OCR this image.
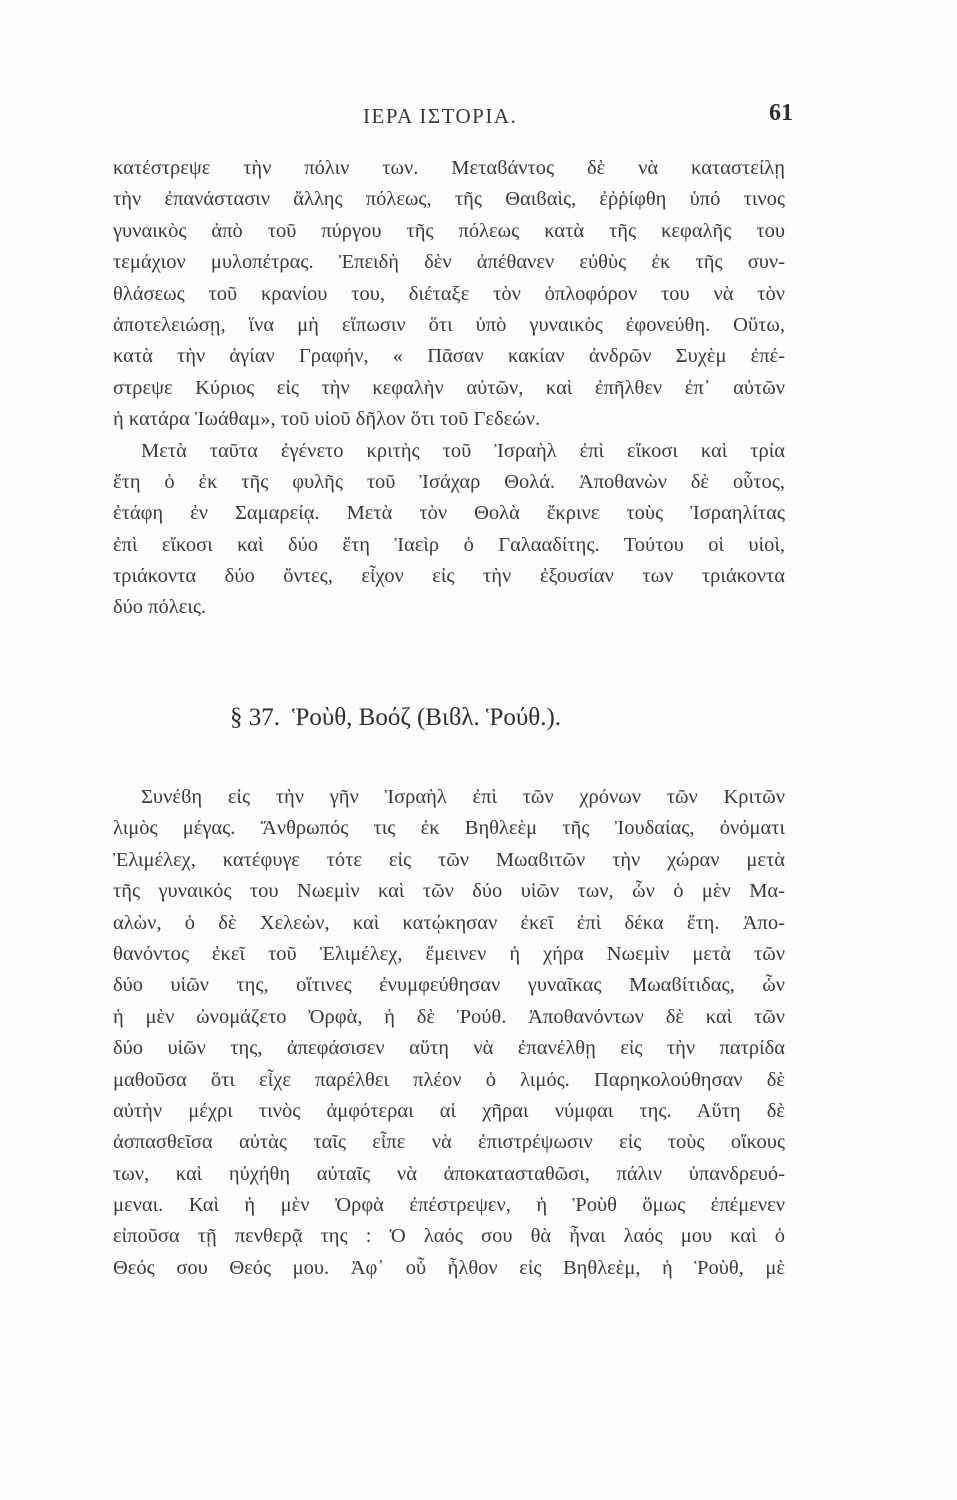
ΙΕΡΑ ΙΣΤΟΡΙΑ.	61
κατέστρεψε τὴν πόλιν των. Μεταϐάντος δὲ νὰ καταστείλῃ
τὴν ἐπανάστασιν ἄλλης πόλεως, τῆς Θαιϐαὶς, ἐῤῥίφθη ὑπό τινος
γυναικὸς ἀπὸ τοῦ πύργου τῆς πόλεως κατὰ τῆς κεφαλῆς του
τεμάχιον μυλοπέτρας. Ἐπειδὴ δὲν ἀπέθανεν εὐθὺς ἐκ τῆς συν-
θλάσεως τοῦ κρανίου του, διέταξε τὸν ὁπλοφόρον του νὰ τὸν
ἀποτελειώσῃ, ἵνα μὴ εἴπωσιν ὅτι ὑπὸ γυναικὸς ἐφονεύθη. Οὕτω,
κατὰ τὴν ἁγίαν Γραφήν, « Πᾶσαν κακίαν ἀνδρῶν Συχὲμ ἐπέ-
στρεψε Κύριος εἰς τὴν κεφαλὴν αὐτῶν, καὶ ἐπῆλθεν ἐπ᾽ αὐτῶν
ἡ κατάρα Ἰωάθαμ», τοῦ υἱοῦ δῆλον ὅτι τοῦ Γεδεών.
Μετὰ ταῦτα ἐγένετο κριτὴς τοῦ Ἰσραὴλ ἐπὶ εἴκοσι καὶ τρία
ἔτη ὁ ἐκ τῆς φυλῆς τοῦ Ἰσάχαρ Θολά. Ἀποθανὼν δὲ οὗτος,
ἐτάφη ἐν Σαμαρείᾳ. Μετὰ τὸν Θολὰ ἔκρινε τοὺς Ἰσραηλίτας
ἐπὶ εἴκοσι καὶ δύο ἔτη Ἰαεὶρ ὁ Γαλααδίτης. Τούτου οἱ υἱοὶ,
τριάκοντα δύο ὄντες, εἶχον εἰς τὴν ἐξουσίαν των τριάκοντα
δύο πόλεις.
§ 37. Ῥοὺθ, Βοόζ (Βιϐλ. Ῥούθ.).
Συνέϐη εἰς τὴν γῆν Ἰσραὴλ ἐπὶ τῶν χρόνων τῶν Κριτῶν
λιμὸς μέγας. Ἄνθρωπός τις ἐκ Βηθλεὲμ τῆς Ἰουδαίας, ὀνόματι
Ἐλιμέλεχ, κατέφυγε τότε εἰς τῶν Μωαϐιτῶν τὴν χώραν μετὰ
τῆς γυναικός του Νωεμὶν καὶ τῶν δύο υἱῶν των, ὧν ὁ μὲν Μα-
αλὼν, ὁ δὲ Χελεὼν, καὶ κατῴκησαν ἐκεῖ ἐπὶ δέκα ἔτη. Ἀπο-
θανόντος ἐκεῖ τοῦ Ἐλιμέλεχ, ἔμεινεν ἡ χήρα Νωεμὶν μετὰ τῶν
δύο υἱῶν της, οἵτινες ἐνυμφεύθησαν γυναῖκας Μωαϐίτιδας, ὧν
ἡ μὲν ὠνομάζετο Ὀρφὰ, ἡ δὲ Ῥούθ. Ἀποθανόντων δὲ καὶ τῶν
δύο υἱῶν της, ἀπεφάσισεν αὕτη νὰ ἐπανέλθῃ εἰς τὴν πατρίδα
μαθοῦσα ὅτι εἶχε παρέλθει πλέον ὁ λιμός. Παρηκολούθησαν δὲ
αὐτὴν μέχρι τινὸς ἀμφότεραι αἱ χῆραι νύμφαι της. Αὕτη δὲ
ἀσπασθεῖσα αὐτὰς ταῖς εἶπε νὰ ἐπιστρέψωσιν εἰς τοὺς οἴκους
των, καὶ ηὐχήθη αὐταῖς νὰ ἀποκατασταθῶσι, πάλιν ὑπανδρευό-
μεναι. Καὶ ἡ μὲν Ὀρφὰ ἐπέστρεψεν, ἡ Ῥοὺθ ὅμως ἐπέμενεν
εἰποῦσα τῇ πενθερᾷ της : Ὁ λαός σου θὰ ἦναι λαός μου καὶ ὁ
Θεός σου Θεός μου. Ἀφ᾽ οὗ ἦλθον εἰς Βηθλεὲμ, ἡ Ῥοὺθ, μὲ
